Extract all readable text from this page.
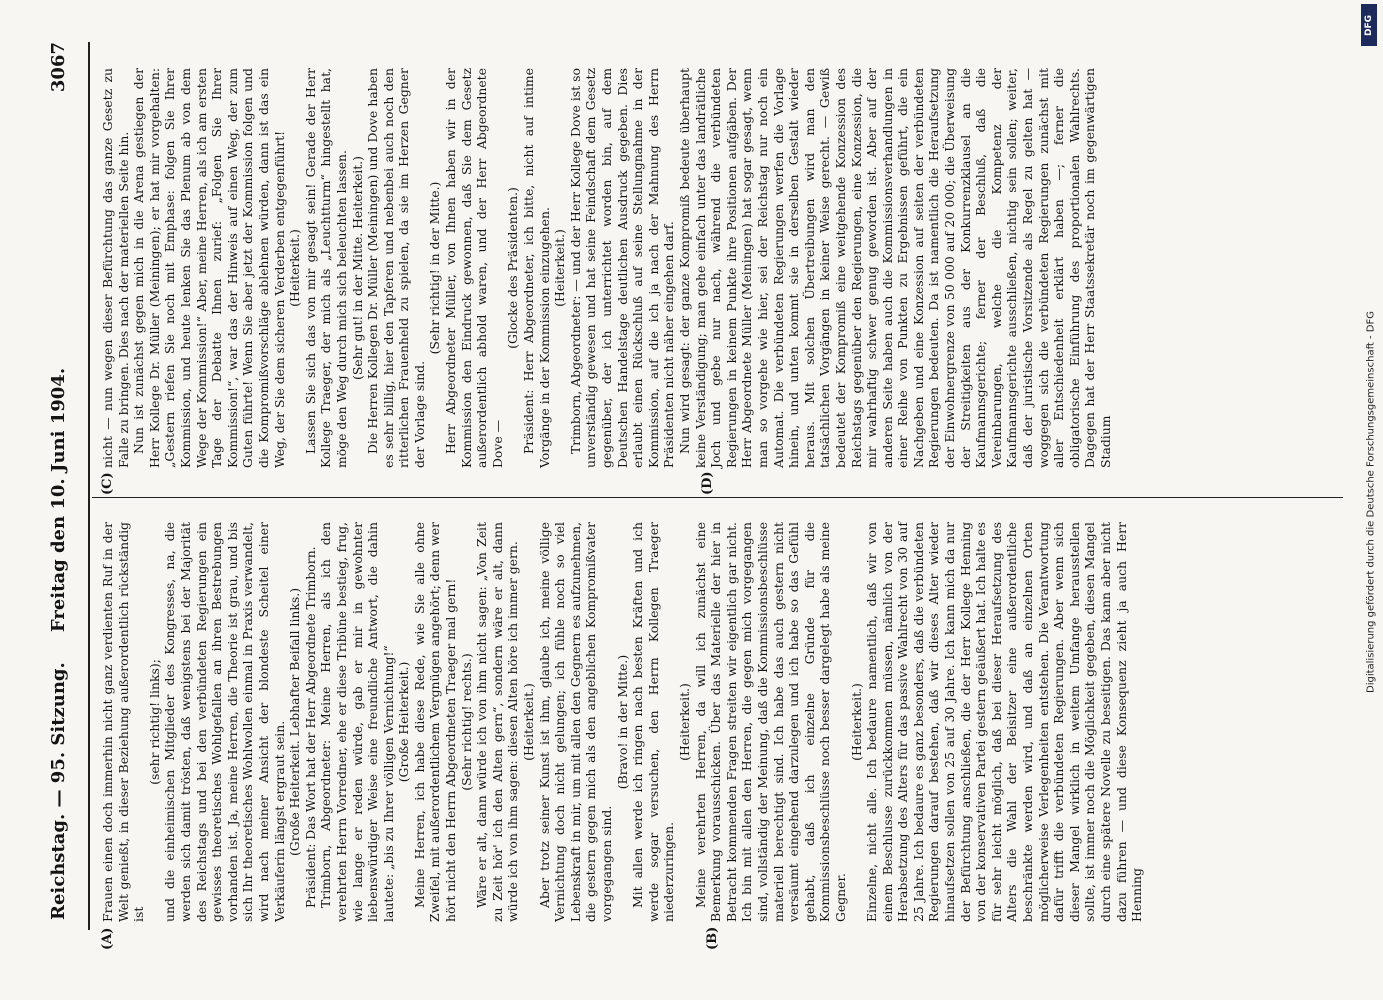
Reichstag. — 95. Sitzung.
Freitag den 10. Juni 1904.
3067
(A)	(B)
(C)	(D)

Frauen einen doch immerhin nicht ganz verdienten Ruf in der Welt genießt, in dieser Beziehung außerordentlich rückständig ist

(sehr richtig! links); und die einheimischen Mitglieder des Kongresses, na, die werden sich damit trösten, daß wenigstens bei der Majorität des Reichstags und bei den verbündeten Regierungen ein gewisses theoretisches Wohlgefallen an ihren Bestrebungen vorhanden ist. Ja, meine Herren, die Theorie ist grau, und bis sich Ihr theoretisches Wohlwollen einmal in Praxis verwandelt, wird nach meiner Ansicht der blondeste Scheitel einer Verkäuferin längst ergraut sein. (Große Heiterkeit. Lebhafter Beifall links.) Präsident: Das Wort hat der Herr Abgeordnete Trimborn. Trimborn, Abgeordneter: Meine Herren, als ich den verehrten Herrn Vorredner, ehe er diese Tribüne bestieg, frug, wie lange er reden würde, gab er mir in gewohnter liebenswürdiger Weise eine freundliche Antwort, die dahin lautete: „bis zu Ihrer völligen Vernichtung!“ (Große Heiterkeit.) Meine Herren, ich habe diese Rede, wie Sie alle ohne Zweifel, mit außerordentlichem Vergnügen angehört; denn wer hört nicht den Herrn Abgeordneten Traeger mal gern! (Sehr richtig! rechts.) Wäre er alt, dann würde ich von ihm nicht sagen: „Von Zeit zu Zeit hör' ich den Alten gern“, sondern wäre er alt, dann würde ich von ihm sagen: diesen Alten höre ich immer gern. (Heiterkeit.) Aber trotz seiner Kunst ist ihm, glaube ich, meine völlige Vernichtung doch nicht gelungen; ich fühle noch so viel Lebenskraft in mir, um mit allen den Gegnern es aufzunehmen, die gestern gegen mich als den angeblichen Kompromißvater vorgegangen sind.

(Bravo! in der Mitte.) Mit allen werde ich ringen nach besten Kräften und ich werde sogar versuchen, den Herrn Kollegen Traeger niederzuringen.

(Heiterkeit.) Meine verehrten Herren, da will ich zunächst eine Bemerkung vorausschicken. Über das Materielle der hier in Betracht kommenden Fragen streiten wir eigentlich gar nicht. Ich bin mit allen den Herren, die gegen mich vorgegangen sind, vollständig der Meinung, daß die Kommissionsbeschlüsse materiell berechtigt sind. Ich habe das auch gestern nicht versäumt eingehend darzulegen und ich habe so das Gefühl gehabt, daß ich einzelne Gründe für die Kommissionsbeschlüsse noch besser dargelegt habe als meine Gegner.

(Heiterkeit.) Einzelne, nicht alle. Ich bedaure namentlich, daß wir von einem Beschlusse zurückkommen müssen, nämlich von der Herabsetzung des Alters für das passive Wahlrecht von 30 auf 25 Jahre. Ich bedaure es ganz besonders, daß die verbündeten Regierungen darauf bestehen, daß wir dieses Alter wieder hinaufsetzen sollen von 25 auf 30 Jahre. Ich kann mich da nur der Befürchtung anschließen, die der Herr Kollege Henning von der konservativen Partei gestern geäußert hat. Ich halte es für sehr leicht möglich, daß bei dieser Heraufsetzung des Alters die Wahl der Beisitzer eine außerordentliche beschränkte werden wird, und daß an einzelnen Orten möglicherweise Verlegenheiten entstehen. Die Verantwortung dafür trifft die verbündeten Regierungen. Aber wenn sich dieser Mangel wirklich in weitem Umfange herausstellen sollte, ist immer noch die Möglichkeit gegeben, diesen Mangel durch eine spätere Novelle zu beseitigen. Das kann aber nicht dazu führen — und diese Konsequenz zieht ja auch Herr Henning

nicht — nun wegen dieser Befürchtung das ganze Gesetz zu Falle zu bringen. Dies nach der materiellen Seite hin. Nun ist zunächst gegen mich in die Arena gestiegen der Herr Kollege Dr. Müller (Meiningen); er hat mir vorgehalten: „Gestern riefen Sie noch mit Emphase: folgen Sie Ihrer Kommission, und heute lenken Sie das Plenum ab von dem Wege der Kommission!“ Aber, meine Herren, als ich am ersten Tage der Debatte Ihnen zurief: „Folgen Sie Ihrer Kommission!“, war das der Hinweis auf einen Weg, der zum Guten führte! Wenn Sie aber jetzt der Kommission folgen und die Kompromißvorschläge ablehnen würden, dann ist das ein Weg, der Sie dem sicheren Verderben entgegenführt! (Heiterkeit.) Lassen Sie sich das von mir gesagt sein! Gerade der Herr Kollege Traeger, der mich als „Leuchtturm“ hingestellt hat, möge den Weg durch mich sich beleuchten lassen. (Sehr gut! in der Mitte. Heiterkeit.) Die Herren Kollegen Dr. Müller (Meiningen) und Dove haben es sehr billig, hier den Tapferen und nebenbei auch noch den ritterlichen Frauenheld zu spielen, da sie im Herzen Gegner der Vorlage sind.

(Sehr richtig! in der Mitte.) Herr Abgeordneter Müller, von Ihnen haben wir in der Kommission den Eindruck gewonnen, daß Sie dem Gesetz außerordentlich abhold waren, und der Herr Abgeordnete Dove —

(Glocke des Präsidenten.) Präsident: Herr Abgeordneter, ich bitte, nicht auf intime Vorgänge in der Kommission einzugehen. (Heiterkeit.) Trimborn, Abgeordneter: — und der Herr Kollege Dove ist so unverständig gewesen und hat seine Feindschaft dem Gesetz gegenüber, der ich unterrichtet worden bin, auf dem Deutschen Handelstage deutlichen Ausdruck gegeben. Dies erlaubt einen Rückschluß auf seine Stellungnahme in der Kommission, auf die ich ja nach der Mahnung des Herrn Präsidenten nicht näher eingehen darf. Nun wird gesagt: der ganze Kompromiß bedeute überhaupt keine Verständigung; man gehe einfach unter das landrätliche Joch und gebe nur nach, während die verbündeten Regierungen in keinem Punkte ihre Positionen aufgäben. Der Herr Abgeordnete Müller (Meiningen) hat sogar gesagt, wenn man so vorgehe wie hier, sei der Reichstag nur noch ein Automat. Die verbündeten Regierungen werfen die Vorlage hinein, und unten kommt sie in derselben Gestalt wieder heraus. Mit solchen Übertreibungen wird man den tatsächlichen Vorgängen in keiner Weise gerecht. — Gewiß bedeutet der Kompromiß eine weitgehende Konzession des Reichstags gegenüber den Regierungen, eine Konzession, die mir wahrhaftig schwer genug geworden ist. Aber auf der anderen Seite haben auch die Kommissionsverhandlungen in einer Reihe von Punkten zu Ergebnissen geführt, die ein Nachgeben und eine Konzession auf seiten der verbündeten Regierungen bedeuten. Da ist namentlich die Heraufsetzung der Einwohnergrenze von 50 000 auf 20 000; die Überweisung der Streitigkeiten aus der Konkurrenzklausel an die Kaufmannsgerichte; ferner der Beschluß, daß die Vereinbarungen, welche die Kompetenz der Kaufmannsgerichte ausschließen, nichtig sein sollen; weiter, daß der juristische Vorsitzende als Regel zu gelten hat — woggegen sich die verbündeten Regierungen zunächst mit aller Entschiedenheit erklärt haben —; ferner die obligatorische Einführung des proportionalen Wahlrechts. Dagegen hat der Herr Staatssekretär noch im gegenwärtigen Stadium

DFG
Digitalisierung gefördert durch die Deutsche Forschungsgemeinschaft - DFG
